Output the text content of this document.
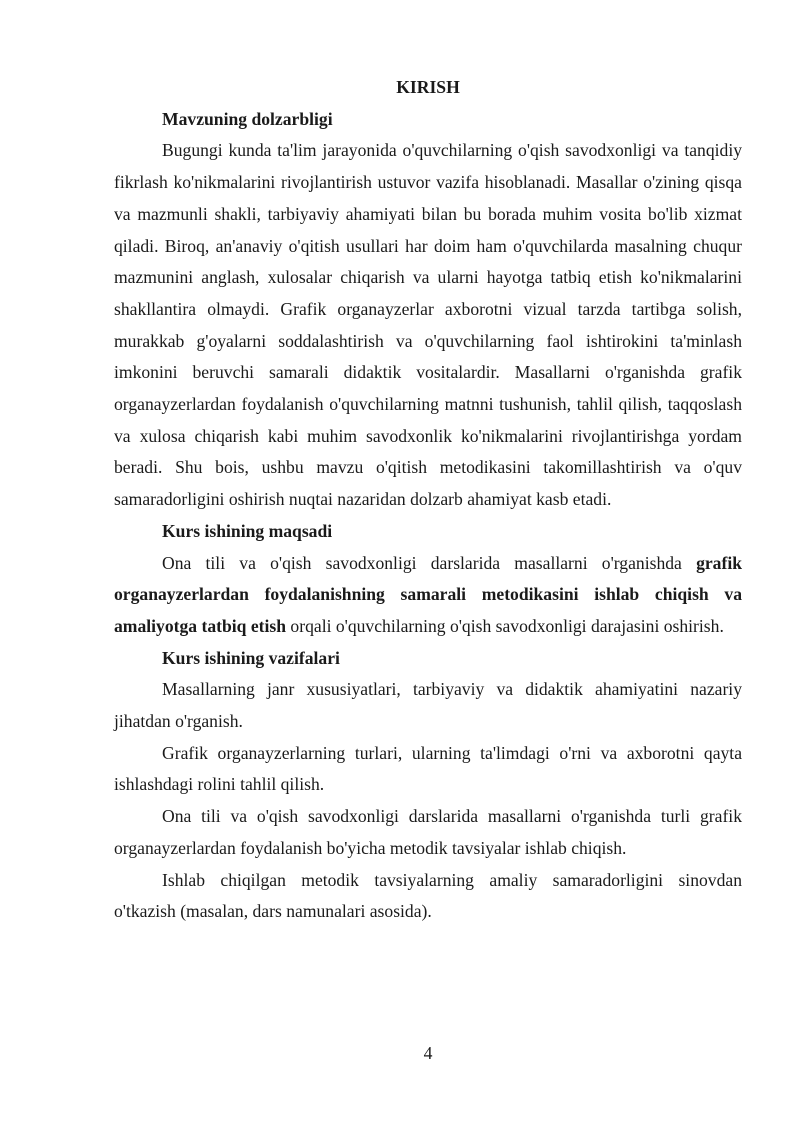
KIRISH

Mavzuning dolzarbligi

Bugungi kunda ta'lim jarayonida o'quvchilarning o'qish savodxonligi va tanqidiy fikrlash ko'nikmalarini rivojlantirish ustuvor vazifa hisoblanadi. Masallar o'zining qisqa va mazmunli shakli, tarbiyaviy ahamiyati bilan bu borada muhim vosita bo'lib xizmat qiladi. Biroq, an'anaviy o'qitish usullari har doim ham o'quvchilarda masalning chuqur mazmunini anglash, xulosalar chiqarish va ularni hayotga tatbiq etish ko'nikmalarini shakllantira olmaydi. Grafik organayzerlar axborotni vizual tarzda tartibga solish, murakkab g'oyalarni soddalashtirish va o'quvchilarning faol ishtirokini ta'minlash imkonini beruvchi samarali didaktik vositalardir. Masallarni o'rganishda grafik organayzerlardan foydalanish o'quvchilarning matnni tushunish, tahlil qilish, taqqoslash va xulosa chiqarish kabi muhim savodxonlik ko'nikmalarini rivojlantirishga yordam beradi. Shu bois, ushbu mavzu o'qitish metodikasini takomillashtirish va o'quv samaradorligini oshirish nuqtai nazaridan dolzarb ahamiyat kasb etadi.

Kurs ishining maqsadi

Ona tili va o'qish savodxonligi darslarida masallarni o'rganishda grafik organayzerlardan foydalanishning samarali metodikasini ishlab chiqish va amaliyotga tatbiq etish orqali o'quvchilarning o'qish savodxonligi darajasini oshirish.

Kurs ishining vazifalari

Masallarning janr xususiyatlari, tarbiyaviy va didaktik ahamiyatini nazariy jihatdan o'rganish.

Grafik organayzerlarning turlari, ularning ta'limdagi o'rni va axborotni qayta ishlashdagi rolini tahlil qilish.

Ona tili va o'qish savodxonligi darslarida masallarni o'rganishda turli grafik organayzerlardan foydalanish bo'yicha metodik tavsiyalar ishlab chiqish.

Ishlab chiqilgan metodik tavsiyalarning amaliy samaradorligini sinovdan o'tkazish (masalan, dars namunalari asosida).

4
